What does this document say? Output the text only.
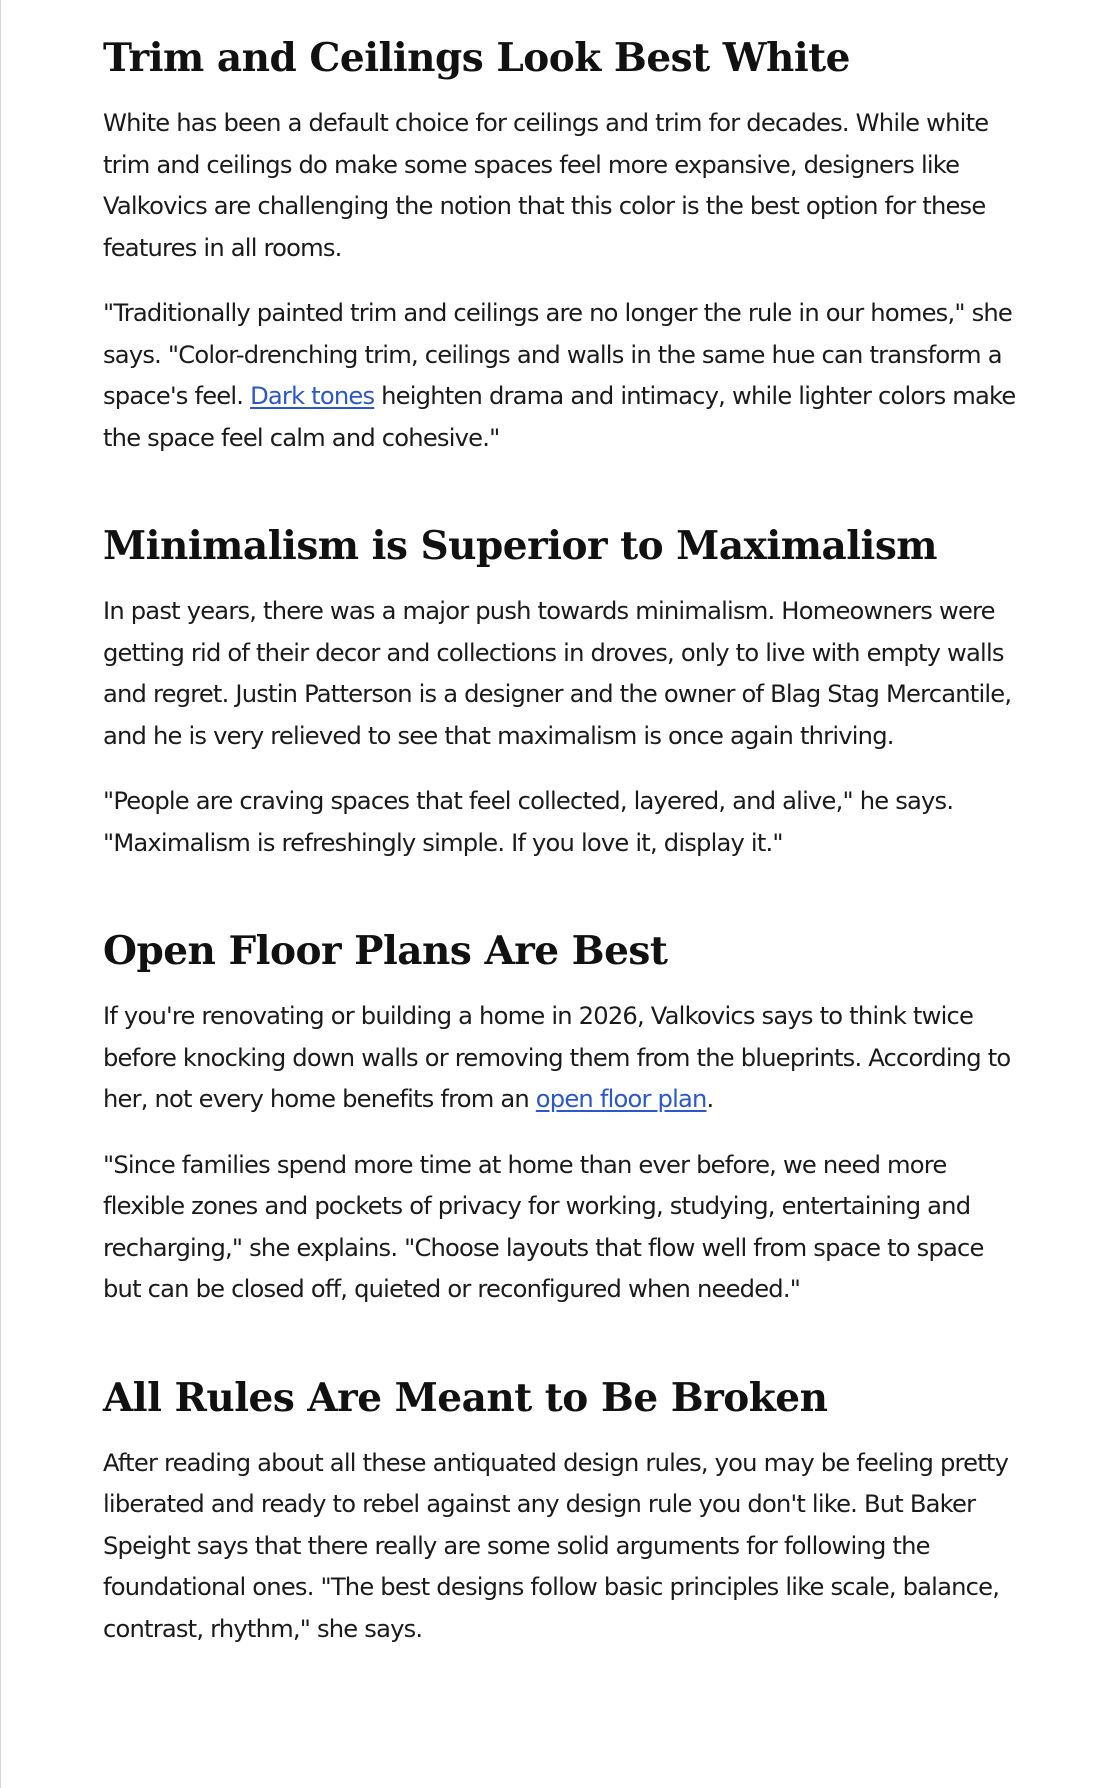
Trim and Ceilings Look Best White

White has been a default choice for ceilings and trim for decades. While white trim and ceilings do make some spaces feel more expansive, designers like Valkovics are challenging the notion that this color is the best option for these features in all rooms.

"Traditionally painted trim and ceilings are no longer the rule in our homes," she says. "Color-drenching trim, ceilings and walls in the same hue can transform a space's feel. Dark tones heighten drama and intimacy, while lighter colors make the space feel calm and cohesive."

Minimalism is Superior to Maximalism

In past years, there was a major push towards minimalism. Homeowners were getting rid of their decor and collections in droves, only to live with empty walls and regret. Justin Patterson is a designer and the owner of Blag Stag Mercantile, and he is very relieved to see that maximalism is once again thriving.

"People are craving spaces that feel collected, layered, and alive," he says. "Maximalism is refreshingly simple. If you love it, display it."

Open Floor Plans Are Best

If you're renovating or building a home in 2026, Valkovics says to think twice before knocking down walls or removing them from the blueprints. According to her, not every home benefits from an open floor plan.

"Since families spend more time at home than ever before, we need more flexible zones and pockets of privacy for working, studying, entertaining and recharging," she explains. "Choose layouts that flow well from space to space but can be closed off, quieted or reconfigured when needed."

All Rules Are Meant to Be Broken

After reading about all these antiquated design rules, you may be feeling pretty liberated and ready to rebel against any design rule you don't like. But Baker Speight says that there really are some solid arguments for following the foundational ones. "The best designs follow basic principles like scale, balance, contrast, rhythm," she says.
